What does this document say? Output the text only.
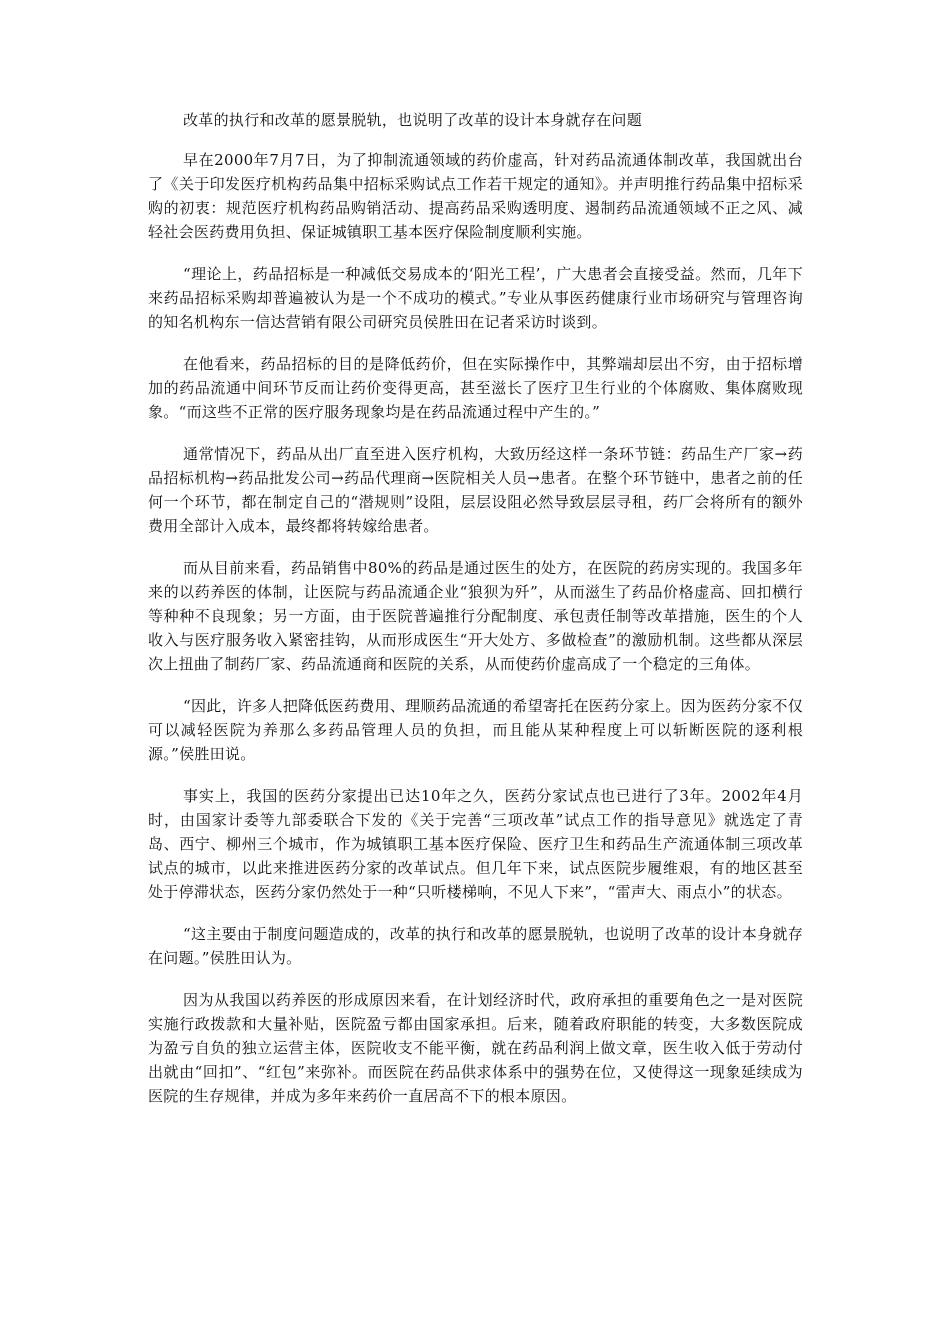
改革的执行和改革的愿景脱轨，也说明了改革的设计本身就存在问题

早在2000年7月7日，为了抑制流通领域的药价虚高，针对药品流通体制改革，我国就出台了《关于印发医疗机构药品集中招标采购试点工作若干规定的通知》。并声明推行药品集中招标采购的初衷：规范医疗机构药品购销活动、提高药品采购透明度、遏制药品流通领域不正之风、减轻社会医药费用负担、保证城镇职工基本医疗保险制度顺利实施。

“理论上，药品招标是一种减低交易成本的‘阳光工程’，广大患者会直接受益。然而，几年下来药品招标采购却普遍被认为是一个不成功的模式。”专业从事医药健康行业市场研究与管理咨询的知名机构东一信达营销有限公司研究员侯胜田在记者采访时谈到。

在他看来，药品招标的目的是降低药价，但在实际操作中，其弊端却层出不穷，由于招标增加的药品流通中间环节反而让药价变得更高，甚至滋长了医疗卫生行业的个体腐败、集体腐败现象。“而这些不正常的医疗服务现象均是在药品流通过程中产生的。”

通常情况下，药品从出厂直至进入医疗机构，大致历经这样一条环节链：药品生产厂家→药品招标机构→药品批发公司→药品代理商→医院相关人员→患者。在整个环节链中，患者之前的任何一个环节，都在制定自己的“潜规则”设阻，层层设阻必然导致层层寻租，药厂会将所有的额外费用全部计入成本，最终都将转嫁给患者。

而从目前来看，药品销售中80%的药品是通过医生的处方，在医院的药房实现的。我国多年来的以药养医的体制，让医院与药品流通企业“狼狈为歼”，从而滋生了药品价格虚高、回扣横行等种种不良现象；另一方面，由于医院普遍推行分配制度、承包责任制等改革措施，医生的个人收入与医疗服务收入紧密挂钩，从而形成医生“开大处方、多做检查”的激励机制。这些都从深层次上扭曲了制药厂家、药品流通商和医院的关系，从而使药价虚高成了一个稳定的三角体。

“因此，许多人把降低医药费用、理顺药品流通的希望寄托在医药分家上。因为医药分家不仅可以减轻医院为养那么多药品管理人员的负担，而且能从某种程度上可以斩断医院的逐利根源。”侯胜田说。

事实上，我国的医药分家提出已达10年之久，医药分家试点也已进行了3年。2002年4月时，由国家计委等九部委联合下发的《关于完善“三项改革”试点工作的指导意见》就选定了青岛、西宁、柳州三个城市，作为城镇职工基本医疗保险、医疗卫生和药品生产流通体制三项改革试点的城市，以此来推进医药分家的改革试点。但几年下来，试点医院步履维艰，有的地区甚至处于停滞状态，医药分家仍然处于一种“只听楼梯响，不见人下来”，“雷声大、雨点小”的状态。

“这主要由于制度问题造成的，改革的执行和改革的愿景脱轨，也说明了改革的设计本身就存在问题。”侯胜田认为。

因为从我国以药养医的形成原因来看，在计划经济时代，政府承担的重要角色之一是对医院实施行政拨款和大量补贴，医院盈亏都由国家承担。后来，随着政府职能的转变，大多数医院成为盈亏自负的独立运营主体，医院收支不能平衡，就在药品利润上做文章，医生收入低于劳动付出就由“回扣”、“红包”来弥补。而医院在药品供求体系中的强势在位，又使得这一现象延续成为医院的生存规律，并成为多年来药价一直居高不下的根本原因。
